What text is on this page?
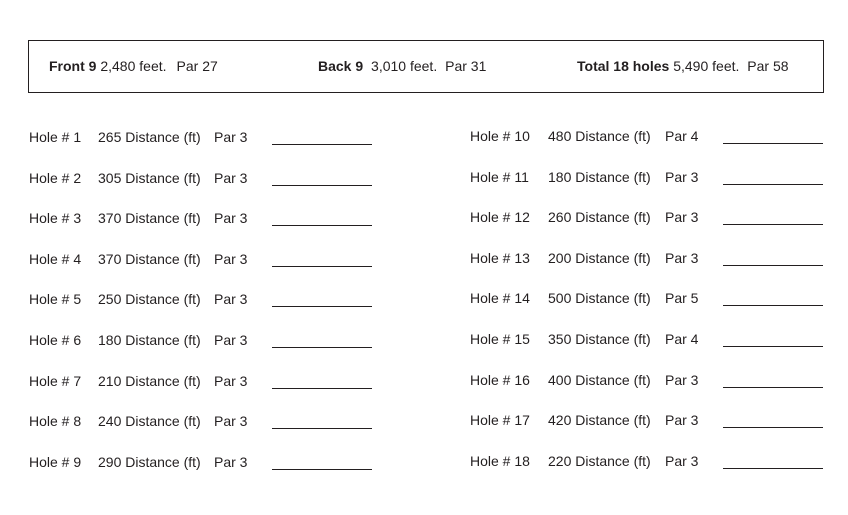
Front 9 2,480 feet. Par 27	Back 9 3,010 feet. Par 31	Total 18 holes 5,490 feet. Par 58
Hole # 1 265 Distance (ft) Par 3
Hole # 2 305 Distance (ft) Par 3
Hole # 3 370 Distance (ft) Par 3
Hole # 4 370 Distance (ft) Par 3
Hole # 5 250 Distance (ft) Par 3
Hole # 6 180 Distance (ft) Par 3
Hole # 7 210 Distance (ft) Par 3
Hole # 8 240 Distance (ft) Par 3
Hole # 9 290 Distance (ft) Par 3
Hole # 10 480 Distance (ft) Par 4
Hole # 11 180 Distance (ft) Par 3
Hole # 12 260 Distance (ft) Par 3
Hole # 13 200 Distance (ft) Par 3
Hole # 14 500 Distance (ft) Par 5
Hole # 15 350 Distance (ft) Par 4
Hole # 16 400 Distance (ft) Par 3
Hole # 17 420 Distance (ft) Par 3
Hole # 18 220 Distance (ft) Par 3
